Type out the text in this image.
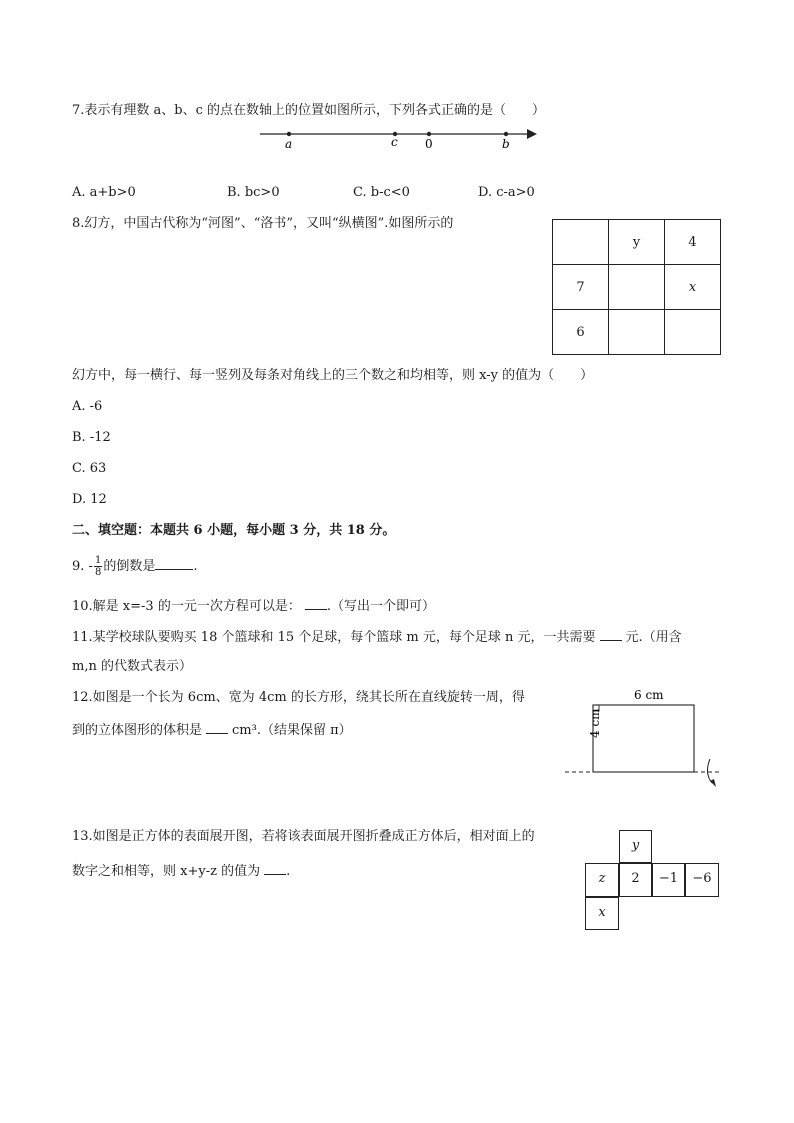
7.表示有理数 a、b、c 的点在数轴上的位置如图所示，下列各式正确的是（　　）
a	c 0	b
A. a+b>0	B. bc>0	C. b-c<0	D. c-a>0
8.幻方，中国古代称为“河图”、“洛书”，又叫“纵横图”.如图所示的
	y	4
7		x
6		
幻方中，每一横行、每一竖列及每条对角线上的三个数之和均相等，则 x-y 的值为（　　）
A. -6
B. -12
C. 63
D. 12
二、填空题：本题共 6 小题，每小题 3 分，共 18 分。
9. - $\frac{1}{8}$ 的倒数是	.
10.解是 x=-3 的一元一次方程可以是： .（写出一个即可）
11.某学校球队要购买 18 个篮球和 15 个足球，每个篮球 m 元，每个足球 n 元，一共需要 元.（用含
m,n 的代数式表示）
12.如图是一个长为 6cm、宽为 4cm 的长方形，绕其长所在直线旋转一周，得
到的立体图形的体积是 cm³.（结果保留 π）
6 cm
4 cm
13.如图是正方体的表面展开图，若将该表面展开图折叠成正方体后，相对面上的
数字之和相等，则 x+y-z 的值为 .
y
z	2	−1	−6
x
